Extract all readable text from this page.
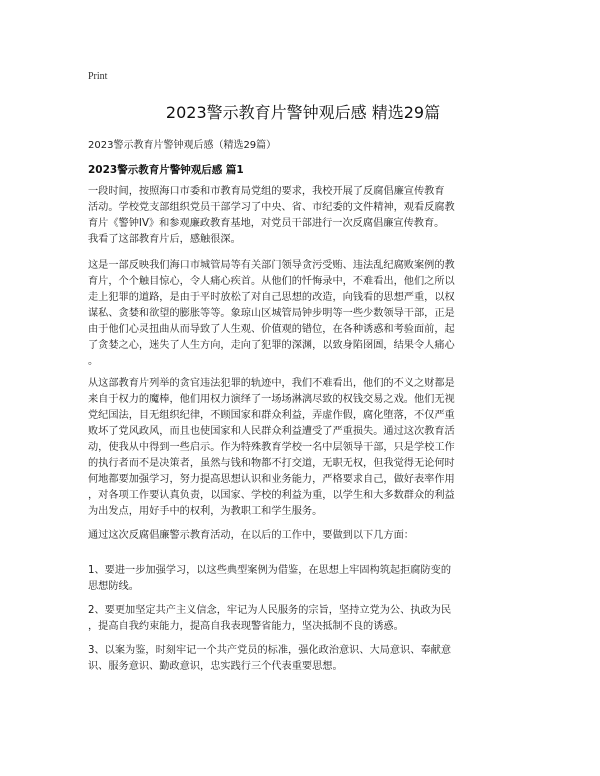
Print
2023警示教育片警钟观后感 精选29篇
2023警示教育片警钟观后感（精选29篇）
2023警示教育片警钟观后感 篇1

一段时间，按照海口市委和市教育局党组的要求，我校开展了反腐倡廉宣传教育
活动。学校党支部组织党员干部学习了中央、省、市纪委的文件精神，观看反腐教
育片《警钟IV》和参观廉政教育基地，对党员干部进行一次反腐倡廉宣传教育。
我看了这部教育片后，感触很深。

这是一部反映我们海口市城管局等有关部门领导贪污受贿、违法乱纪腐败案例的教
育片，个个触目惊心，令人痛心疾首。从他们的忏悔录中，不难看出，他们之所以
走上犯罪的道路，是由于平时放松了对自己思想的改造，向钱看的思想严重，以权
谋私、贪婪和欲望的膨胀等等。象琼山区城管局钟步明等一些少数领导干部，正是
由于他们心灵扭曲从而导致了人生观、价值观的错位，在各种诱惑和考验面前，起
了贪婪之心，迷失了人生方向，走向了犯罪的深渊，以致身陷囹圄，结果令人痛心
。

从这部教育片列举的贪官违法犯罪的轨迹中，我们不难看出，他们的不义之财都是
来自于权力的魔棒，他们用权力演绎了一场场淋漓尽致的权钱交易之戏。他们无视
党纪国法，目无组织纪律，不顾国家和群众利益，弄虚作假，腐化堕落，不仅严重
败坏了党风政风，而且也使国家和人民群众利益遭受了严重损失。通过这次教育活
动，使我从中得到一些启示。作为特殊教育学校一名中层领导干部，只是学校工作
的执行者而不是决策者，虽然与钱和物都不打交道，无职无权，但我觉得无论何时
何地都要加强学习，努力提高思想认识和业务能力，严格要求自己，做好表率作用
，对各项工作要认真负责，以国家、学校的利益为重，以学生和大多数群众的利益
为出发点，用好手中的权利，为教职工和学生服务。

通过这次反腐倡廉警示教育活动，在以后的工作中，要做到以下几方面：

1、要进一步加强学习，以这些典型案例为借鉴，在思想上牢固构筑起拒腐防变的
思想防线。

2、要更加坚定共产主义信念，牢记为人民服务的宗旨，坚持立党为公、执政为民
，提高自我约束能力，提高自我表现警省能力，坚决抵制不良的诱惑。

3、以案为鉴，时刻牢记一个共产党员的标准，强化政治意识、大局意识、奉献意
识、服务意识、勤政意识，忠实践行三个代表重要思想。
